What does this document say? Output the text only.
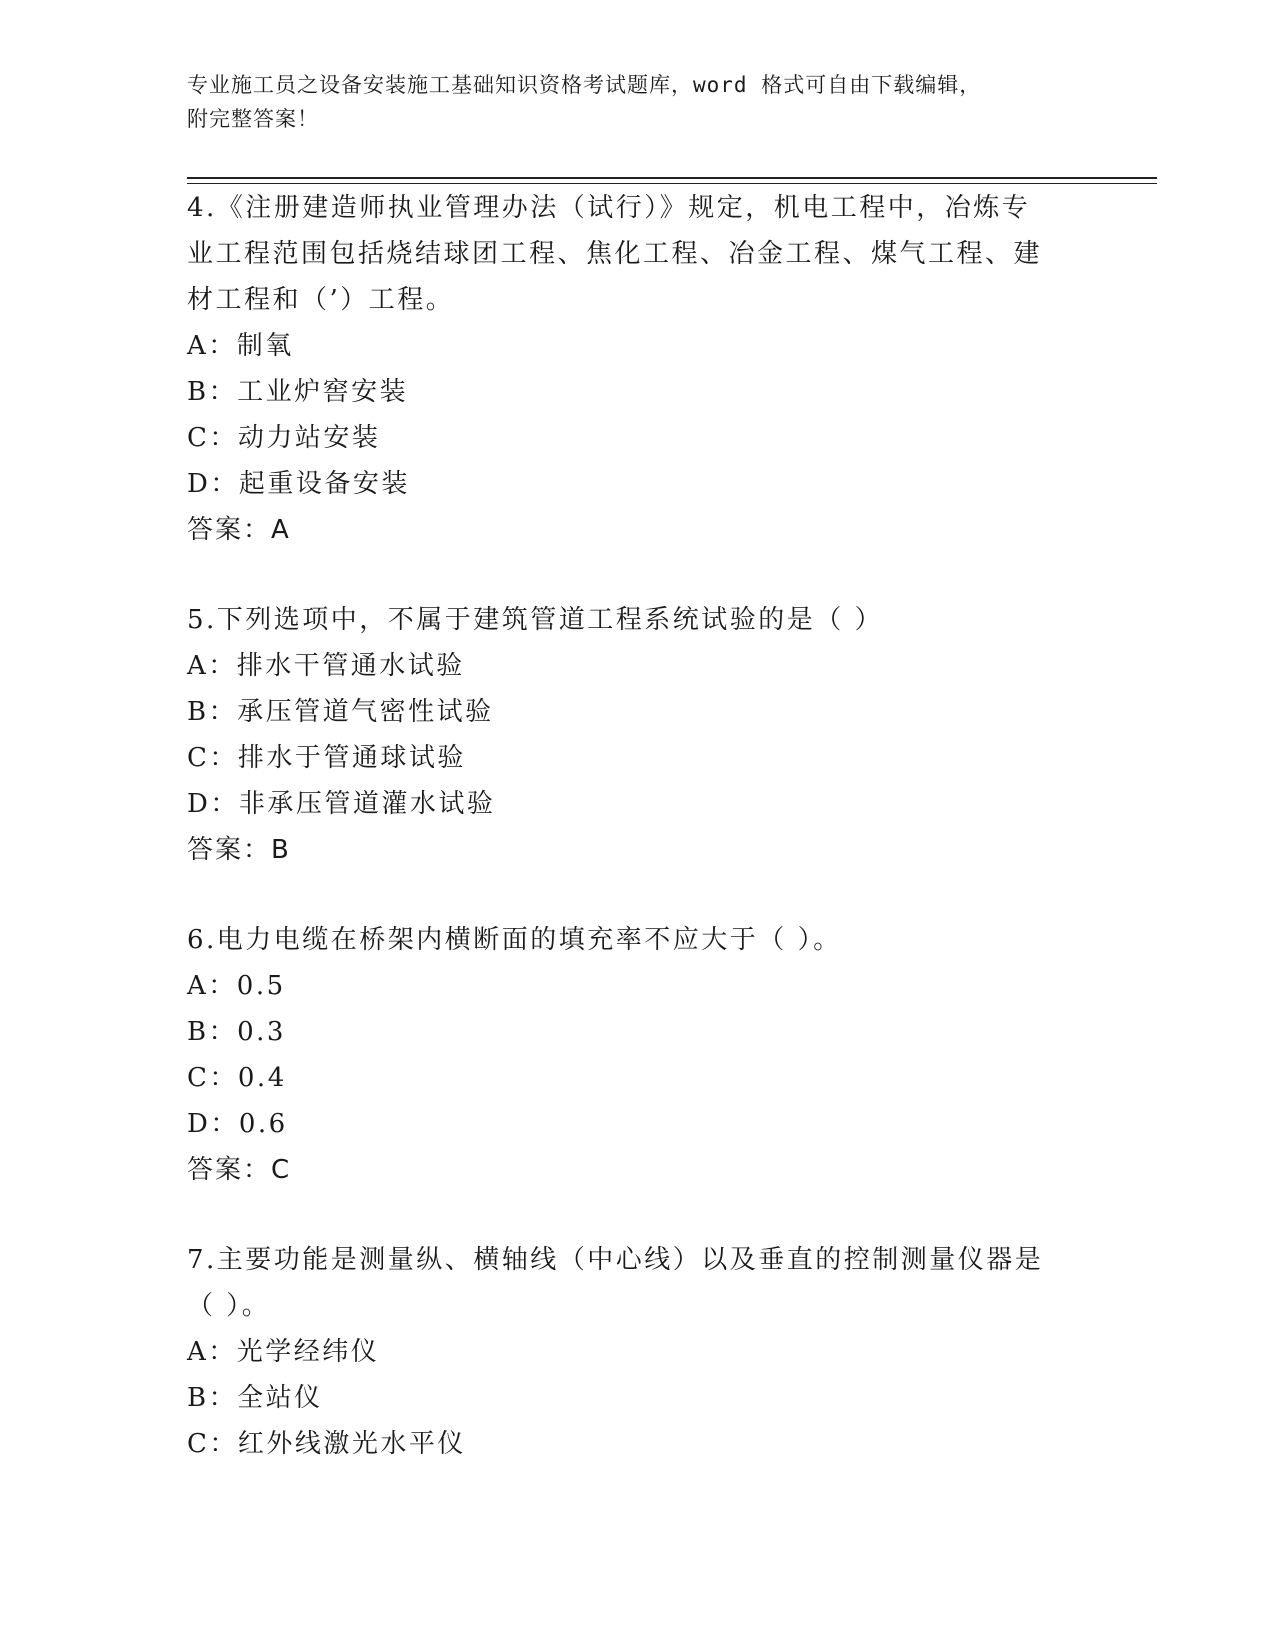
专业施工员之设备安装施工基础知识资格考试题库，word 格式可自由下载编辑，
附完整答案！

4.《注册建造师执业管理办法（试行）》规定，机电工程中，冶炼专

业工程范围包括烧结球团工程、焦化工程、冶金工程、煤气工程、建

材工程和（’）工程。

A：制氧

B：工业炉窖安装

C：动力站安装

D：起重设备安装

答案：A

5.下列选项中，不属于建筑管道工程系统试验的是（ ）

A：排水干管通水试验

B：承压管道气密性试验

C：排水于管通球试验

D：非承压管道灌水试验

答案：B

6.电力电缆在桥架内横断面的填充率不应大于（ ）。

A：0.5

B：0.3

C：0.4

D：0.6

答案：C

7.主要功能是测量纵、横轴线（中心线）以及垂直的控制测量仪器是

（ ）。

A：光学经纬仪

B：全站仪

C：红外线激光水平仪
